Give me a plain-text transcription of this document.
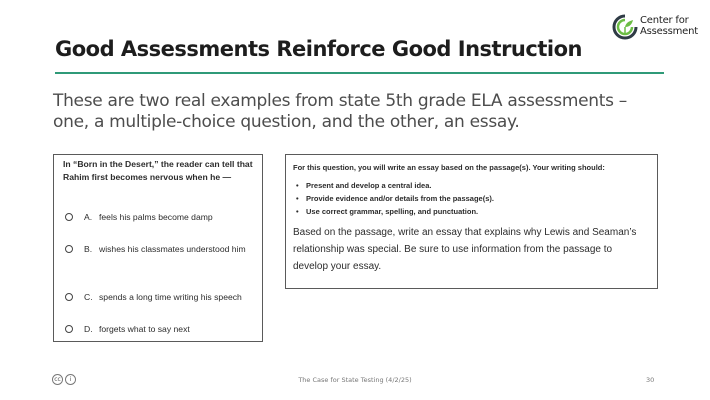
Center for
Assessment
Good Assessments Reinforce Good Instruction

These are two real examples from state 5th grade ELA assessments – one, a multiple-choice question, and the other, an essay.

In “Born in the Desert,” the reader can tell that Rahim first becomes nervous when he —

A. feels his palms become damp
B. wishes his classmates understood him
C. spends a long time writing his speech
D. forgets what to say next

For this question, you will write an essay based on the passage(s). Your writing should:

• Present and develop a central idea.
• Provide evidence and/or details from the passage(s).
• Use correct grammar, spelling, and punctuation.

Based on the passage, write an essay that explains why Lewis and Seaman’s relationship was special. Be sure to use information from the passage to develop your essay.

cc	i	The Case for State Testing (4/2/25)	30
